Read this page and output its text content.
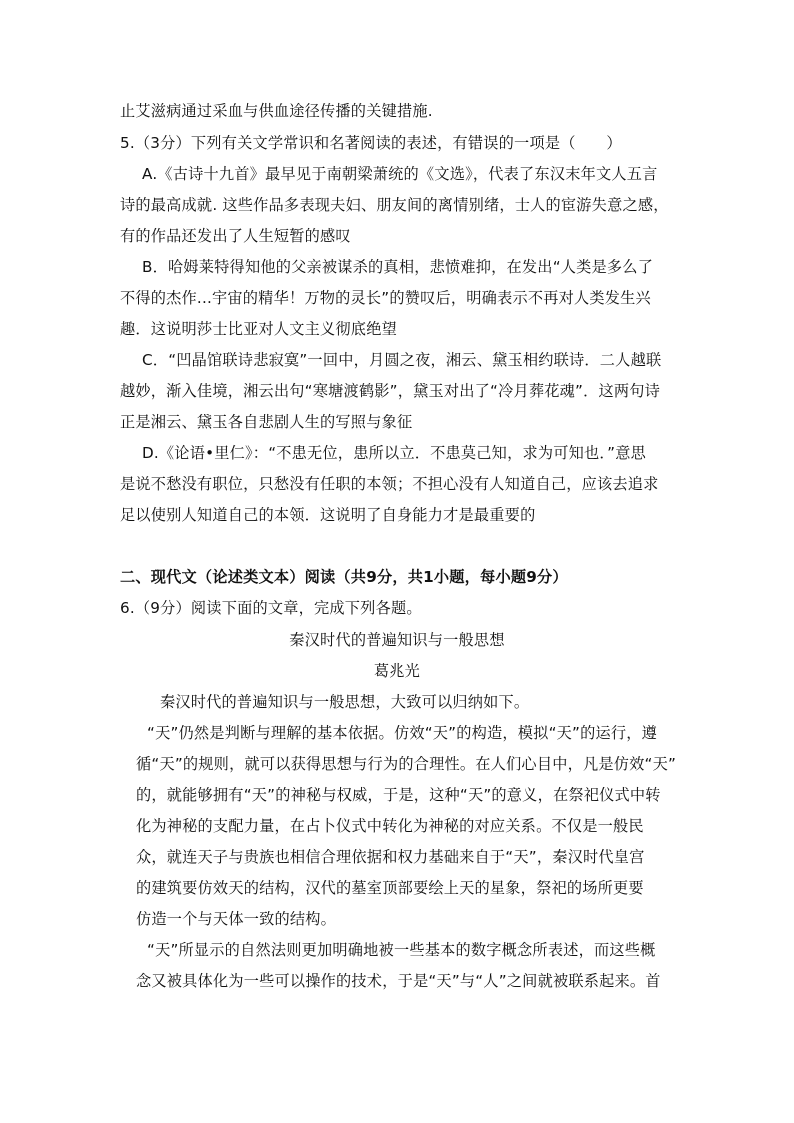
止艾滋病通过采血与供血途径传播的关键措施.
5.（3分）下列有关文学常识和名著阅读的表述，有错误的一项是（　　）
A.《古诗十九首》最早见于南朝梁萧统的《文选》，代表了东汉末年文人五言
诗的最高成就. 这些作品多表现夫妇、朋友间的离情别绪，士人的宦游失意之感，
有的作品还发出了人生短暂的感叹
B．哈姆莱特得知他的父亲被谋杀的真相，悲愤难抑，在发出“人类是多么了
不得的杰作...宇宙的精华！万物的灵长”的赞叹后，明确表示不再对人类发生兴
趣．这说明莎士比亚对人文主义彻底绝望
C．“凹晶馆联诗悲寂寞”一回中，月圆之夜，湘云、黛玉相约联诗．二人越联
越妙，渐入佳境，湘云出句“寒塘渡鹤影”，黛玉对出了“冷月葬花魂”．这两句诗
正是湘云、黛玉各自悲剧人生的写照与象征
D.《论语•里仁》：“不患无位，患所以立．不患莫己知，求为可知也．”意思
是说不愁没有职位，只愁没有任职的本领；不担心没有人知道自己，应该去追求
足以使别人知道自己的本领．这说明了自身能力才是最重要的
二、现代文（论述类文本）阅读（共9分，共1小题，每小题9分）
6.（9分）阅读下面的文章，完成下列各题。
秦汉时代的普遍知识与一般思想
葛兆光
秦汉时代的普遍知识与一般思想，大致可以归纳如下。
“天”仍然是判断与理解的基本依据。仿效“天”的构造，模拟“天”的运行，遵
循“天”的规则，就可以获得思想与行为的合理性。在人们心目中，凡是仿效“天”
的，就能够拥有“天”的神秘与权威，于是，这种“天”的意义，在祭祀仪式中转
化为神秘的支配力量，在占卜仪式中转化为神秘的对应关系。不仅是一般民
众，就连天子与贵族也相信合理依据和权力基础来自于“天”，秦汉时代皇宫
的建筑要仿效天的结构，汉代的墓室顶部要绘上天的星象，祭祀的场所更要
仿造一个与天体一致的结构。
“天”所显示的自然法则更加明确地被一些基本的数字概念所表述，而这些概
念又被具体化为一些可以操作的技术，于是“天”与“人”之间就被联系起来。首
